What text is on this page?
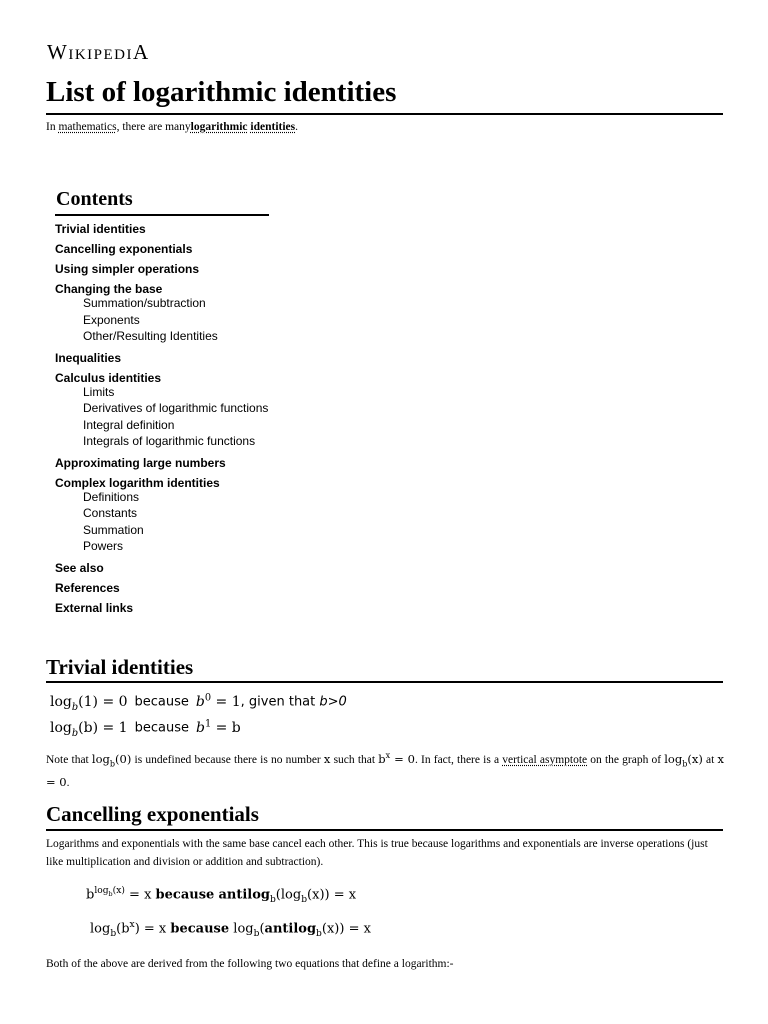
WIKIPEDIA
List of logarithmic identities
In mathematics, there are manylogarithmic identities.
Contents
Trivial identities
Cancelling exponentials
Using simpler operations
Changing the base
Summation/subtraction
Exponents
Other/Resulting Identities
Inequalities
Calculus identities
Limits
Derivatives of logarithmic functions
Integral definition
Integrals of logarithmic functions
Approximating large numbers
Complex logarithm identities
Definitions
Constants
Summation
Powers
See also
References
External links
Trivial identities
$\log_b(1) = 0$ because $b^0 = 1$, given that b>0
$\log_b(b) = 1$ because $b^1 = b$
Note that $\log_b(0)$ is undefined because there is no number x such that $b^x = 0$. In fact, there is a vertical asymptote on the graph of $\log_b(x)$ at x = 0.
Cancelling exponentials
Logarithms and exponentials with the same base cancel each other. This is true because logarithms and exponentials are inverse operations (just like multiplication and division or addition and subtraction).
$b^{log_b(x)} = x$ because $antilog_b(\log_b(x)) = x$
$\log_b(b^x) = x$ because $\log_b(antilog_b(x)) = x$
Both of the above are derived from the following two equations that define a logarithm:-
